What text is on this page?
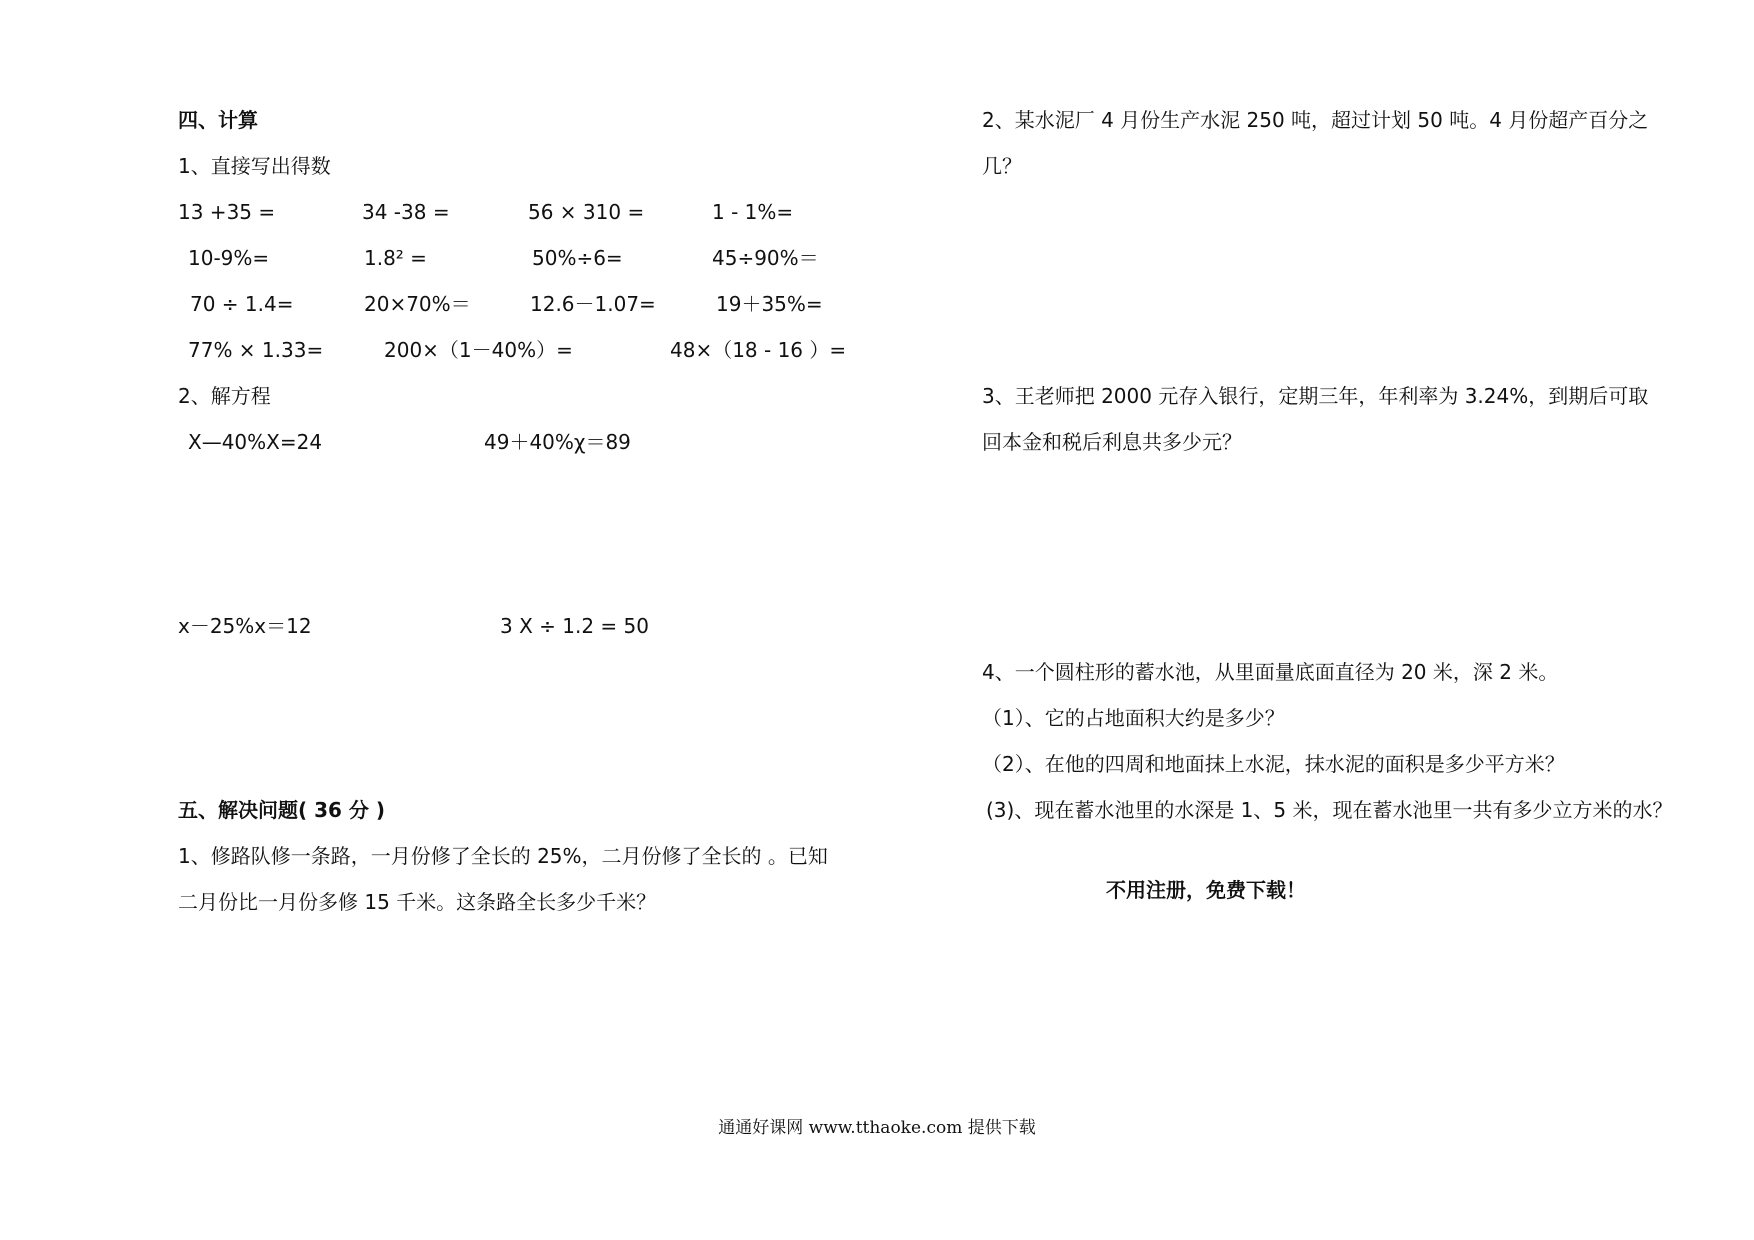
四、计算
1、直接写出得数
13 +35 =	34 -38 =	56 × 310 =	1 - 1%=
10-9%=	1.8² =	50%÷6=	45÷90%＝
70 ÷ 1.4=	20×70%＝	12.6－1.07=	19＋35%=
77% × 1.33=	200×（1－40%）=	48×（18 - 16 ）=
2、解方程
X—40%X=24	49＋40%χ＝89
x－25%x＝12	3 X ÷ 1.2 = 50
五、解决问题( 36 分 )
1、修路队修一条路，一月份修了全长的 25%，二月份修了全长的 。已知
二月份比一月份多修 15 千米。这条路全长多少千米？
2、某水泥厂 4 月份生产水泥 250 吨，超过计划 50 吨。4 月份超产百分之
几？
3、王老师把 2000 元存入银行，定期三年，年利率为 3.24%，到期后可取
回本金和税后利息共多少元？
4、一个圆柱形的蓄水池，从里面量底面直径为 20 米，深 2 米。
（1）、它的占地面积大约是多少？
（2）、在他的四周和地面抹上水泥，抹水泥的面积是多少平方米？
(3)、现在蓄水池里的水深是 1、5 米，现在蓄水池里一共有多少立方米的水？
不用注册，免费下载！
通通好课网 www.tthaoke.com 提供下载
